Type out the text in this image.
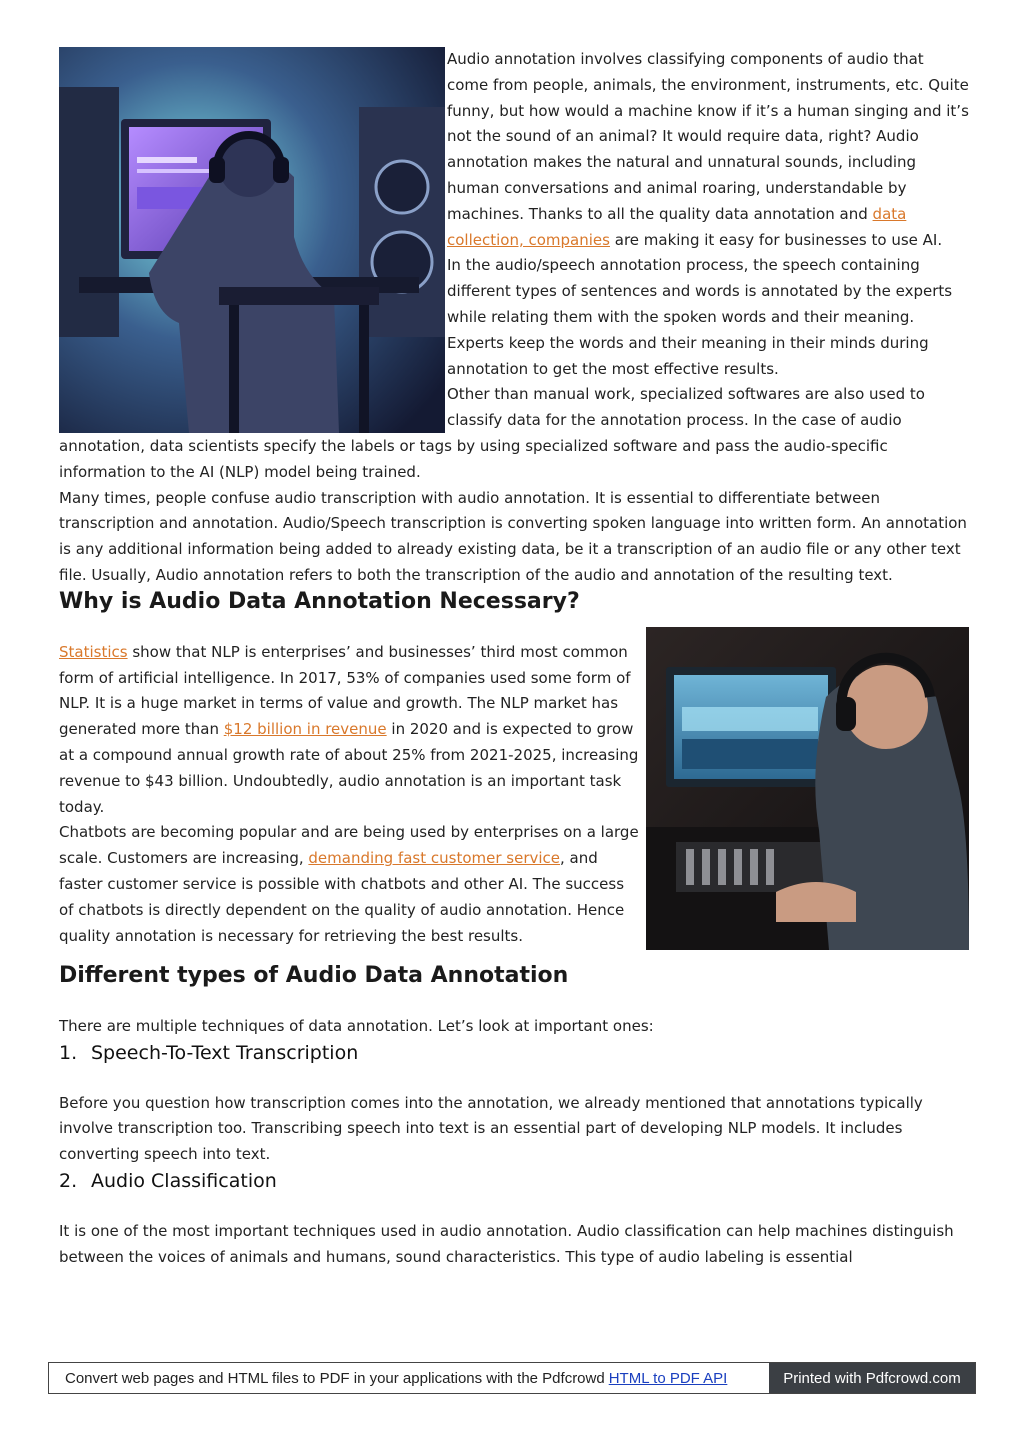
Audio annotation involves classifying components of audio that come from people, animals, the environment, instruments, etc. Quite funny, but how would a machine know if it’s a human singing and it’s not the sound of an animal? It would require data, right? Audio annotation makes the natural and unnatural sounds, including human conversations and animal roaring, understandable by machines. Thanks to all the quality data annotation and data collection, companies are making it easy for businesses to use AI.

In the audio/speech annotation process, the speech containing different types of sentences and words is annotated by the experts while relating them with the spoken words and their meaning. Experts keep the words and their meaning in their minds during annotation to get the most effective results.

Other than manual work, specialized softwares are also used to classify data for the annotation process. In the case of audio annotation, data scientists specify the labels or tags by using specialized software and pass the audio-specific information to the AI (NLP) model being trained.

Many times, people confuse audio transcription with audio annotation. It is essential to differentiate between transcription and annotation. Audio/Speech transcription is converting spoken language into written form. An annotation is any additional information being added to already existing data, be it a transcription of an audio file or any other text file. Usually, Audio annotation refers to both the transcription of the audio and annotation of the resulting text.

Why is Audio Data Annotation Necessary?

Statistics show that NLP is enterprises’ and businesses’ third most common form of artificial intelligence. In 2017, 53% of companies used some form of NLP. It is a huge market in terms of value and growth. The NLP market has generated more than $12 billion in revenue in 2020 and is expected to grow at a compound annual growth rate of about 25% from 2021-2025, increasing revenue to $43 billion. Undoubtedly, audio annotation is an important task today.

Chatbots are becoming popular and are being used by enterprises on a large scale. Customers are increasing, demanding fast customer service, and faster customer service is possible with chatbots and other AI. The success of chatbots is directly dependent on the quality of audio annotation. Hence quality annotation is necessary for retrieving the best results.

Different types of Audio Data Annotation

There are multiple techniques of data annotation. Let’s look at important ones:

1. Speech-To-Text Transcription

Before you question how transcription comes into the annotation, we already mentioned that annotations typically involve transcription too. Transcribing speech into text is an essential part of developing NLP models. It includes converting speech into text.

2. Audio Classification

It is one of the most important techniques used in audio annotation. Audio classification can help machines distinguish between the voices of animals and humans, sound characteristics. This type of audio labeling is essential

Convert web pages and HTML files to PDF in your applications with the Pdfcrowd HTML to PDF API	Printed with Pdfcrowd.com
